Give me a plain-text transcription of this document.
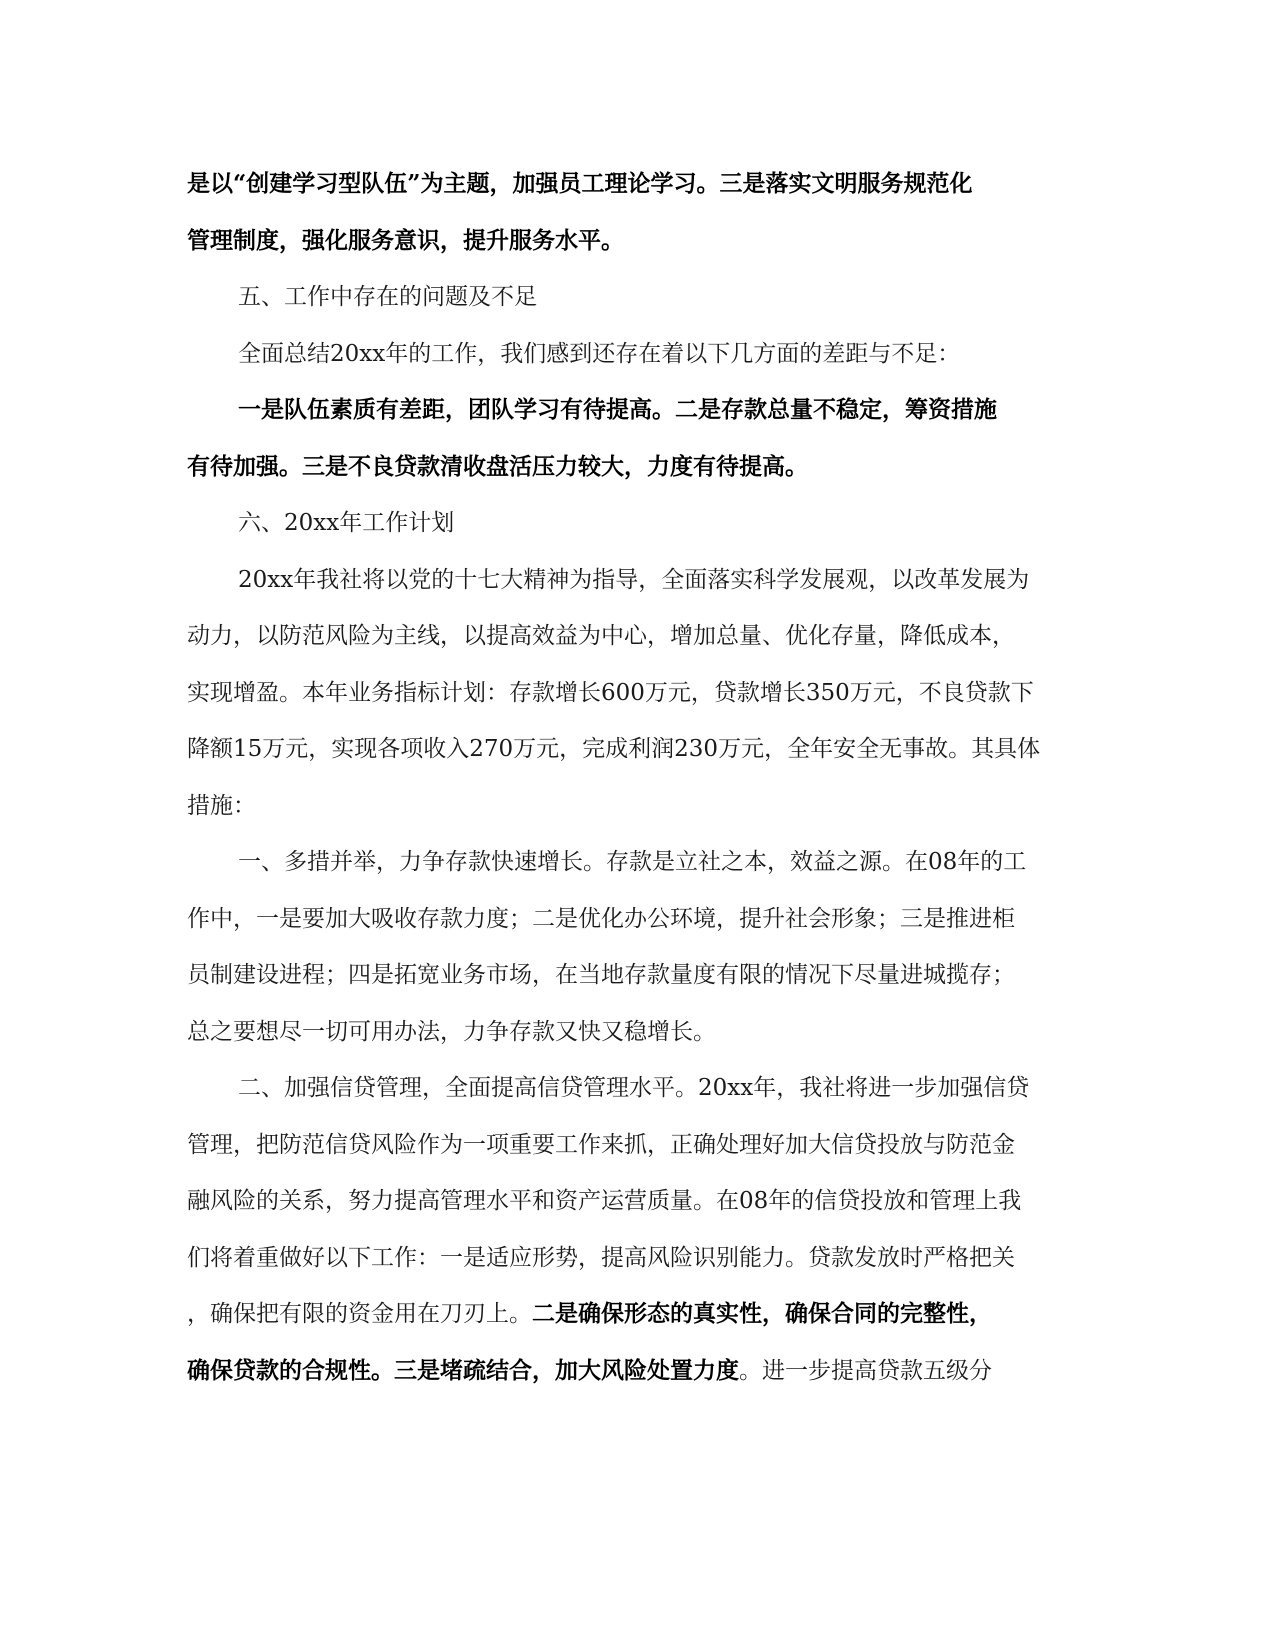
是以“创建学习型队伍”为主题，加强员工理论学习。三是落实文明服务规范化
管理制度，强化服务意识，提升服务水平。
五、工作中存在的问题及不足
全面总结20xx年的工作，我们感到还存在着以下几方面的差距与不足：
一是队伍素质有差距，团队学习有待提高。二是存款总量不稳定，筹资措施
有待加强。三是不良贷款清收盘活压力较大，力度有待提高。
六、20xx年工作计划
20xx年我社将以党的十七大精神为指导，全面落实科学发展观，以改革发展为
动力，以防范风险为主线，以提高效益为中心，增加总量、优化存量，降低成本，
实现增盈。本年业务指标计划：存款增长600万元，贷款增长350万元，不良贷款下
降额15万元，实现各项收入270万元，完成利润230万元，全年安全无事故。其具体
措施：
一、多措并举，力争存款快速增长。存款是立社之本，效益之源。在08年的工
作中，一是要加大吸收存款力度；二是优化办公环境，提升社会形象；三是推进柜
员制建设进程；四是拓宽业务市场，在当地存款量度有限的情况下尽量进城揽存；
总之要想尽一切可用办法，力争存款又快又稳增长。
二、加强信贷管理，全面提高信贷管理水平。20xx年，我社将进一步加强信贷
管理，把防范信贷风险作为一项重要工作来抓，正确处理好加大信贷投放与防范金
融风险的关系，努力提高管理水平和资产运营质量。在08年的信贷投放和管理上我
们将着重做好以下工作：一是适应形势，提高风险识别能力。贷款发放时严格把关
，确保把有限的资金用在刀刃上。二是确保形态的真实性，确保合同的完整性，
确保贷款的合规性。三是堵疏结合，加大风险处置力度。进一步提高贷款五级分
